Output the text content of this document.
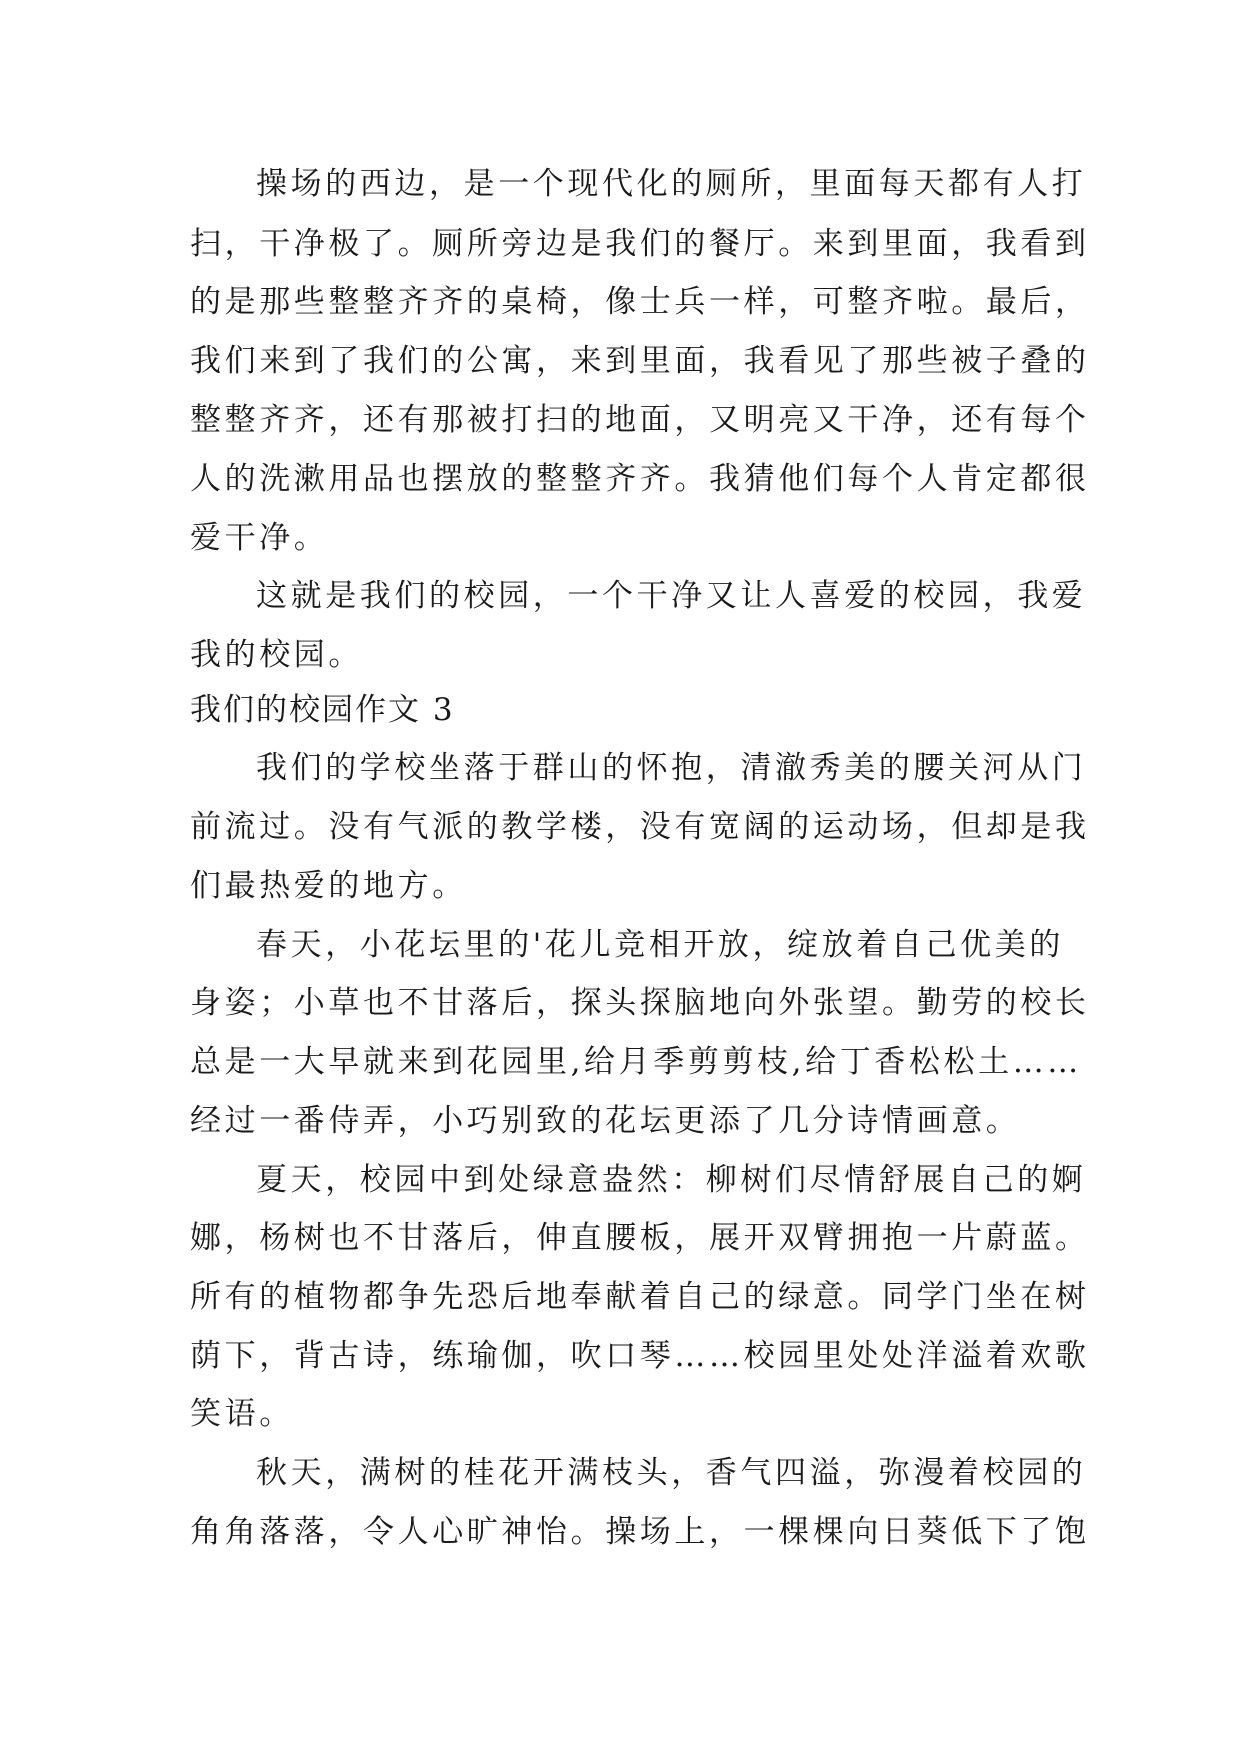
操场的西边，是一个现代化的厕所，里面每天都有人打
扫，干净极了。厕所旁边是我们的餐厅。来到里面，我看到
的是那些整整齐齐的桌椅，像士兵一样，可整齐啦。最后，
我们来到了我们的公寓，来到里面，我看见了那些被子叠的
整整齐齐，还有那被打扫的地面，又明亮又干净，还有每个
人的洗漱用品也摆放的整整齐齐。我猜他们每个人肯定都很
爱干净。
这就是我们的校园，一个干净又让人喜爱的校园，我爱
我的校园。
我们的校园作文 3
我们的学校坐落于群山的怀抱，清澈秀美的腰关河从门
前流过。没有气派的教学楼，没有宽阔的运动场，但却是我
们最热爱的地方。
春天，小花坛里的'花儿竞相开放，绽放着自己优美的
身姿；小草也不甘落后，探头探脑地向外张望。勤劳的校长
总是一大早就来到花园里,给月季剪剪枝,给丁香松松土……
经过一番侍弄，小巧别致的花坛更添了几分诗情画意。
夏天，校园中到处绿意盎然：柳树们尽情舒展自己的婀
娜，杨树也不甘落后，伸直腰板，展开双臂拥抱一片蔚蓝。
所有的植物都争先恐后地奉献着自己的绿意。同学门坐在树
荫下，背古诗，练瑜伽，吹口琴……校园里处处洋溢着欢歌
笑语。
秋天，满树的桂花开满枝头，香气四溢，弥漫着校园的
角角落落，令人心旷神怡。操场上，一棵棵向日葵低下了饱
